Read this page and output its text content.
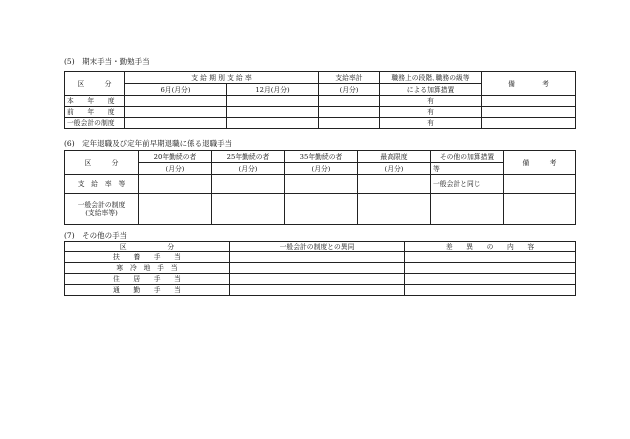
(5)　期末手当・勤勉手当
区　　　分	支 給 期 別 支 給 率		支給率計	職務上の段階､職務の級等	備　　　　考
	6月(月分)	12月(月分)	(月分)	による加算措置	
本　　年　　度				有	
前　　年　　度				有	
一般会計の制度				有	
(6)　定年退職及び定年前早期退職に係る退職手当
区　　　分	20年勤続の者	25年勤続の者	35年勤続の者	最高限度	その他の加算措置	備　　　考
	(月分)	(月分)	(月分)	(月分)	等	
支　給　率　等					一般会計と同じ	

一般会計の制度
(支給率等)						

(7)　その他の手当
区　　　　　　分	一般会計の制度との異同	差　　異　　の　　内　　容
扶　　養　　手　　当		
寒　冷　地　手　当		
住　　居　　手　　当		
通　　勤　　手　　当		
